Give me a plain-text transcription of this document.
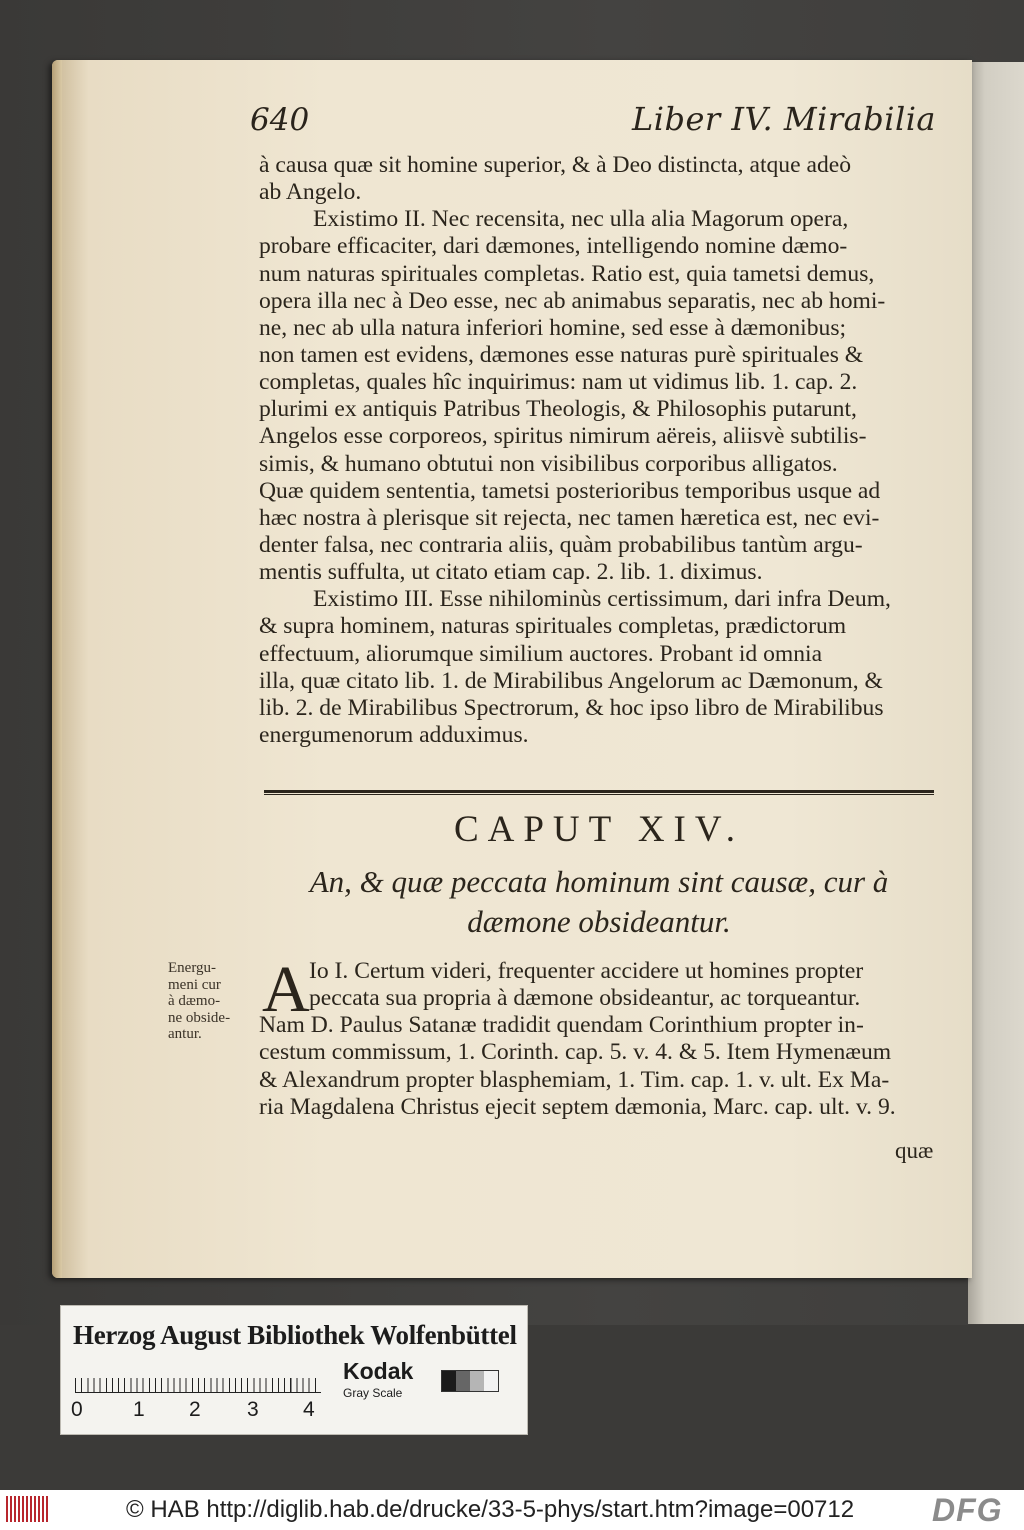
640	Liber IV. Mirabilia
à causa quæ sit homine superior, & à Deo distincta, atque adeò
ab Angelo.
Existimo II. Nec recensita, nec ulla alia Magorum opera,
probare efficaciter, dari dæmones, intelligendo nomine dæmo-
num naturas spirituales completas. Ratio est, quia tametsi demus,
opera illa nec à Deo esse, nec ab animabus separatis, nec ab homi-
ne, nec ab ulla natura inferiori homine, sed esse à dæmonibus;
non tamen est evidens, dæmones esse naturas purè spirituales &
completas, quales hîc inquirimus: nam ut vidimus lib. 1. cap. 2.
plurimi ex antiquis Patribus Theologis, & Philosophis putarunt,
Angelos esse corporeos, spiritus nimirum aëreis, aliisvè subtilis-
simis, & humano obtutui non visibilibus corporibus alligatos.
Quæ quidem sententia, tametsi posterioribus temporibus usque ad
hæc nostra à plerisque sit rejecta, nec tamen hæretica est, nec evi-
denter falsa, nec contraria aliis, quàm probabilibus tantùm argu-
mentis suffulta, ut citato etiam cap. 2. lib. 1. diximus.
Existimo III. Esse nihilominùs certissimum, dari infra Deum,
& supra hominem, naturas spirituales completas, prædictorum
effectuum, aliorumque similium auctores. Probant id omnia
illa, quæ citato lib. 1. de Mirabilibus Angelorum ac Dæmonum, &
lib. 2. de Mirabilibus Spectrorum, & hoc ipso libro de Mirabilibus
energumenorum adduximus.
CAPUT XIV.
An, & quæ peccata hominum sint causæ, cur à
dæmone obsideantur.
Energu-
meni cur
à dæmo-
ne obside-
antur.
A Io I. Certum videri, frequenter accidere ut homines propter
peccata sua propria à dæmone obsideantur, ac torqueantur.
Nam D. Paulus Satanæ tradidit quendam Corinthium propter in-
cestum commissum, 1. Corinth. cap. 5. v. 4. & 5. Item Hymenæum
& Alexandrum propter blasphemiam, 1. Tim. cap. 1. v. ult. Ex Ma-
ria Magdalena Christus ejecit septem dæmonia, Marc. cap. ult. v. 9.
quæ
Herzog August Bibliothek Wolfenbüttel
0 1 2 3 4
Kodak
Gray Scale
© HAB http://diglib.hab.de/drucke/33-5-phys/start.htm?image=00712 DFG
